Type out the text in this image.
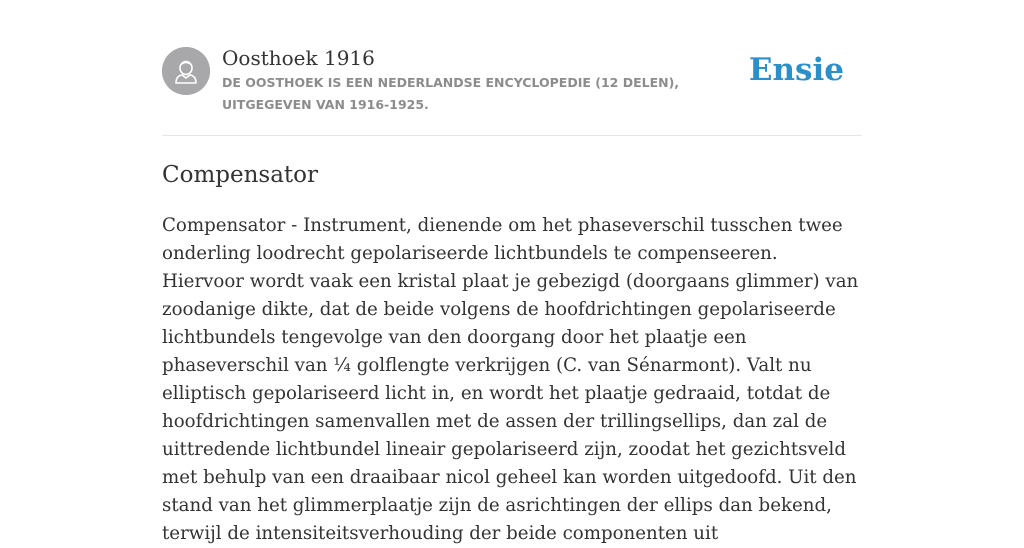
Oosthoek 1916
DE OOSTHOEK IS EEN NEDERLANDSE ENCYCLOPEDIE (12 DELEN), UITGEGEVEN VAN 1916-1925.
Ensie
Compensator

Compensator - Instrument, dienende om het phaseverschil tusschen twee onderling loodrecht gepolariseerde lichtbundels te compenseeren. Hiervoor wordt vaak een kristal plaat je gebezigd (doorgaans glimmer) van zoodanige dikte, dat de beide volgens de hoofdrichtingen gepolariseerde lichtbundels tengevolge van den doorgang door het plaatje een phaseverschil van ¼ golflengte verkrijgen (C. van Sénarmont). Valt nu elliptisch gepolariseerd licht in, en wordt het plaatje gedraaid, totdat de hoofdrichtingen samenvallen met de assen der trillingsellips, dan zal de uittredende lichtbundel lineair gepolariseerd zijn, zoodat het gezichtsveld met behulp van een draaibaar nicol geheel kan worden uitgedoofd. Uit den stand van het glimmerplaatje zijn de asrichtingen der ellips dan bekend, terwijl de intensiteitsverhouding der beide componenten uit
